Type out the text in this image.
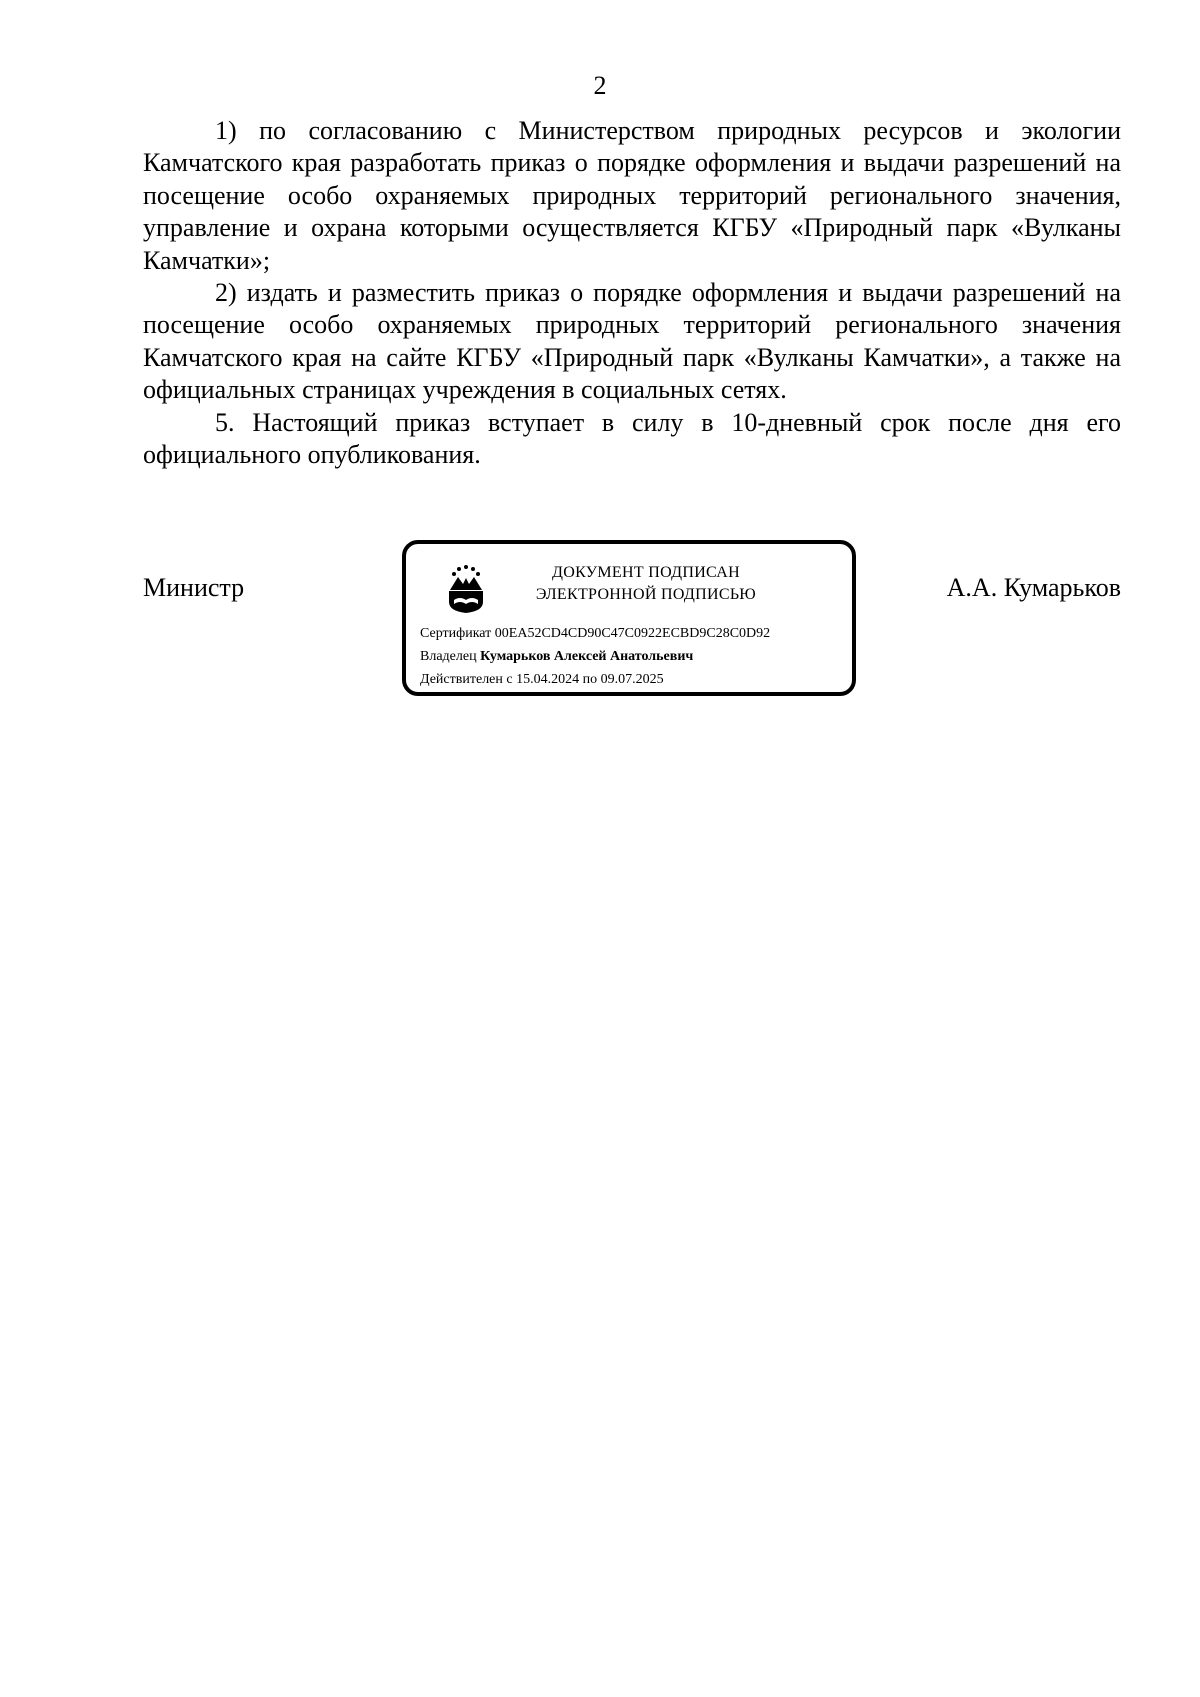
2

1) по согласованию с Министерством природных ресурсов и экологии Камчатского края разработать приказ о порядке оформления и выдачи разрешений на посещение особо охраняемых природных территорий регионального значения, управление и охрана которыми осуществляется КГБУ «Природный парк «Вулканы Камчатки»;

2) издать и разместить приказ о порядке оформления и выдачи разрешений на посещение особо охраняемых природных территорий регионального значения Камчатского края на сайте КГБУ «Природный парк «Вулканы Камчатки», а также на официальных страницах учреждения в социальных сетях.

5. Настоящий приказ вступает в силу в 10-дневный срок после дня его официального опубликования.

Министр
ДОКУМЕНТ ПОДПИСАН
ЭЛЕКТРОННОЙ ПОДПИСЬЮ
Сертификат 00EA52CD4CD90C47C0922ECBD9C28C0D92
Владелец Кумарьков Алексей Анатольевич
Действителен с 15.04.2024 по 09.07.2025
А.А. Кумарьков
